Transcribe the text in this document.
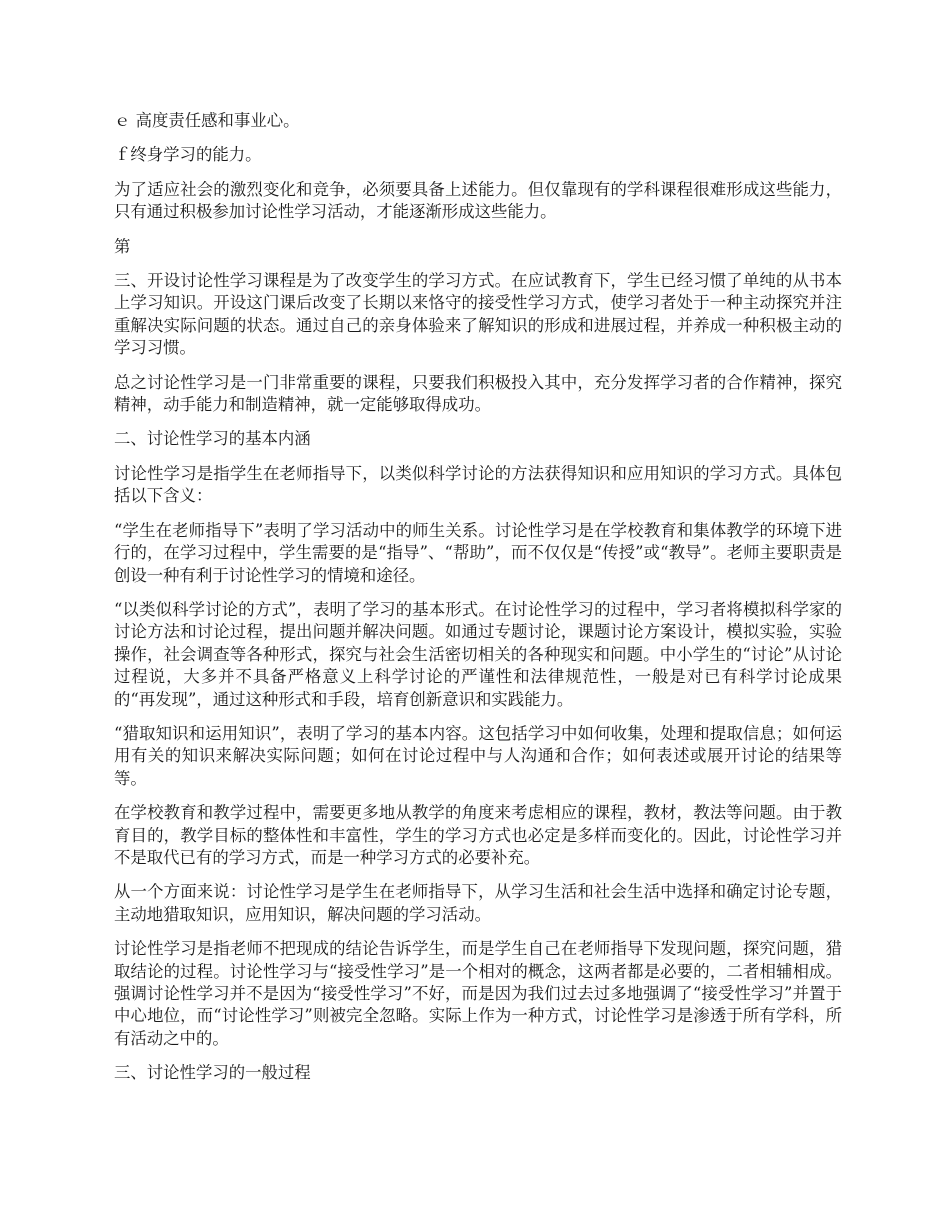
ｅ 高度责任感和事业心。

ｆ终身学习的能力。

为了适应社会的激烈变化和竞争，必须要具备上述能力。但仅靠现有的学科课程很难形成这些能力，只有通过积极参加讨论性学习活动，才能逐渐形成这些能力。

第

三、开设讨论性学习课程是为了改变学生的学习方式。在应试教育下，学生已经习惯了单纯的从书本上学习知识。开设这门课后改变了长期以来恪守的接受性学习方式，使学习者处于一种主动探究并注重解决实际问题的状态。通过自己的亲身体验来了解知识的形成和进展过程，并养成一种积极主动的学习习惯。

总之讨论性学习是一门非常重要的课程，只要我们积极投入其中，充分发挥学习者的合作精神，探究精神，动手能力和制造精神，就一定能够取得成功。

二、讨论性学习的基本内涵

讨论性学习是指学生在老师指导下，以类似科学讨论的方法获得知识和应用知识的学习方式。具体包括以下含义：

“学生在老师指导下”表明了学习活动中的师生关系。讨论性学习是在学校教育和集体教学的环境下进行的，在学习过程中，学生需要的是“指导”、“帮助”，而不仅仅是“传授”或“教导”。老师主要职责是创设一种有利于讨论性学习的情境和途径。

“以类似科学讨论的方式”，表明了学习的基本形式。在讨论性学习的过程中，学习者将模拟科学家的讨论方法和讨论过程，提出问题并解决问题。如通过专题讨论，课题讨论方案设计，模拟实验，实验操作，社会调查等各种形式，探究与社会生活密切相关的各种现实和问题。中小学生的“讨论”从讨论过程说，大多并不具备严格意义上科学讨论的严谨性和法律规范性，一般是对已有科学讨论成果的“再发现”，通过这种形式和手段，培育创新意识和实践能力。

“猎取知识和运用知识”，表明了学习的基本内容。这包括学习中如何收集，处理和提取信息；如何运用有关的知识来解决实际问题；如何在讨论过程中与人沟通和合作；如何表述或展开讨论的结果等等。

在学校教育和教学过程中，需要更多地从教学的角度来考虑相应的课程，教材，教法等问题。由于教育目的，教学目标的整体性和丰富性，学生的学习方式也必定是多样而变化的。因此，讨论性学习并不是取代已有的学习方式，而是一种学习方式的必要补充。

从一个方面来说：讨论性学习是学生在老师指导下，从学习生活和社会生活中选择和确定讨论专题，主动地猎取知识，应用知识，解决问题的学习活动。

讨论性学习是指老师不把现成的结论告诉学生，而是学生自己在老师指导下发现问题，探究问题，猎取结论的过程。讨论性学习与“接受性学习”是一个相对的概念，这两者都是必要的，二者相辅相成。强调讨论性学习并不是因为“接受性学习”不好，而是因为我们过去过多地强调了“接受性学习”并置于中心地位，而“讨论性学习”则被完全忽略。实际上作为一种方式，讨论性学习是渗透于所有学科，所有活动之中的。

三、讨论性学习的一般过程
